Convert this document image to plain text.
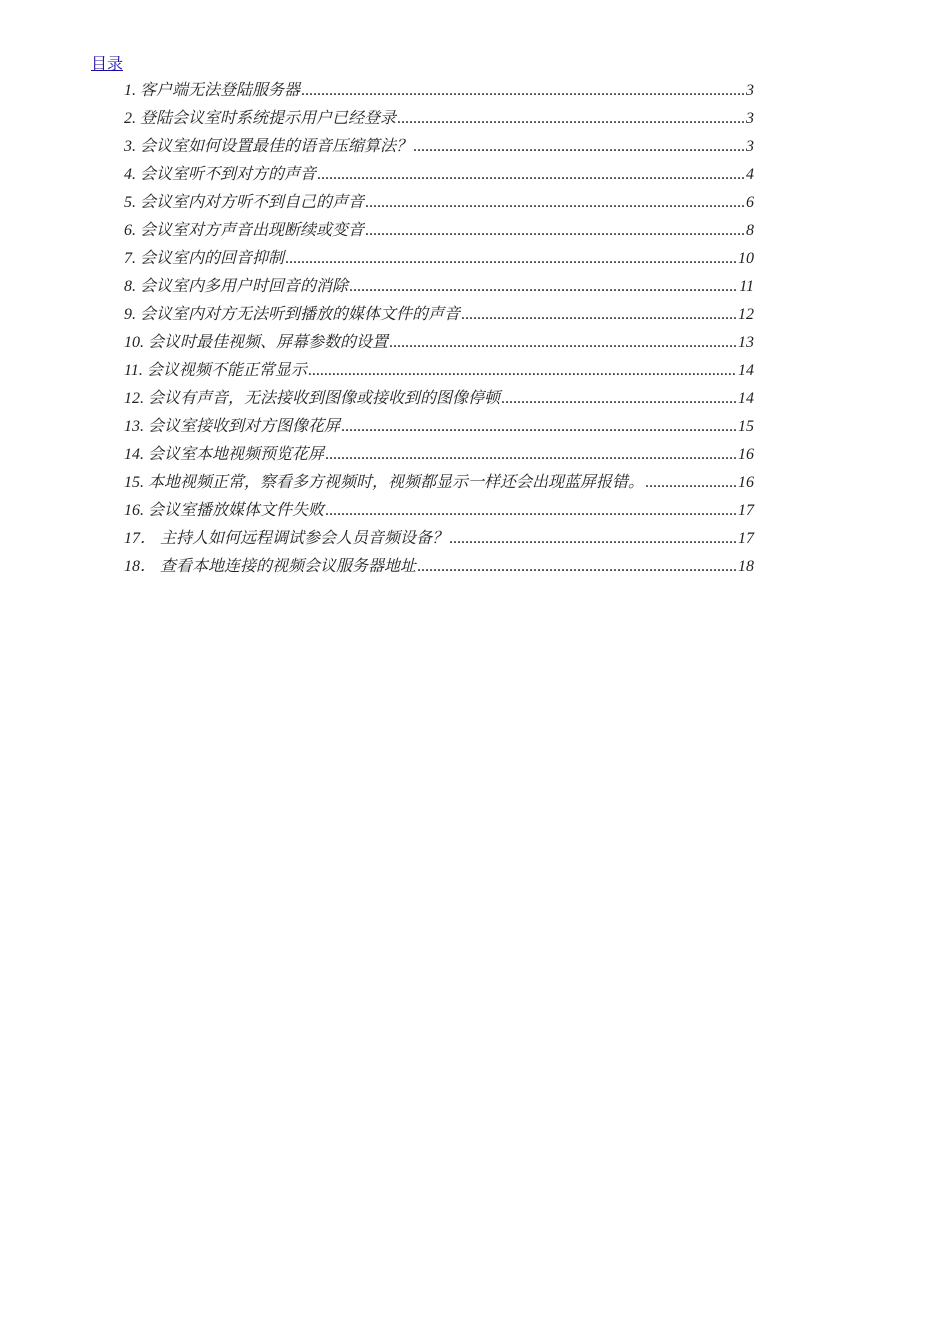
目录
1. 客户端无法登陆服务器 .....	3
2. 登陆会议室时系统提示用户已经登录 .....	3
3. 会议室如何设置最佳的语音压缩算法？ .....	3
4. 会议室听不到对方的声音 .....	4
5. 会议室内对方听不到自己的声音 .....	6
6. 会议室对方声音出现断续或变音 .....	8
7. 会议室内的回音抑制 .....	10
8. 会议室内多用户时回音的消除 .....	11
9. 会议室内对方无法听到播放的媒体文件的声音 .....	12
10. 会议时最佳视频、屏幕参数的设置 .....	13
11. 会议视频不能正常显示 .....	14
12. 会议有声音，无法接收到图像或接收到的图像停顿 .....	14
13. 会议室接收到对方图像花屏 .....	15
14. 会议室本地视频预览花屏 .....	16
15. 本地视频正常，察看多方视频时，视频都显示一样还会出现蓝屏报错。 .....	16
16. 会议室播放媒体文件失败 .....	17
17． 主持人如何远程调试参会人员音频设备？ .....	17
18． 查看本地连接的视频会议服务器地址 .....	18
